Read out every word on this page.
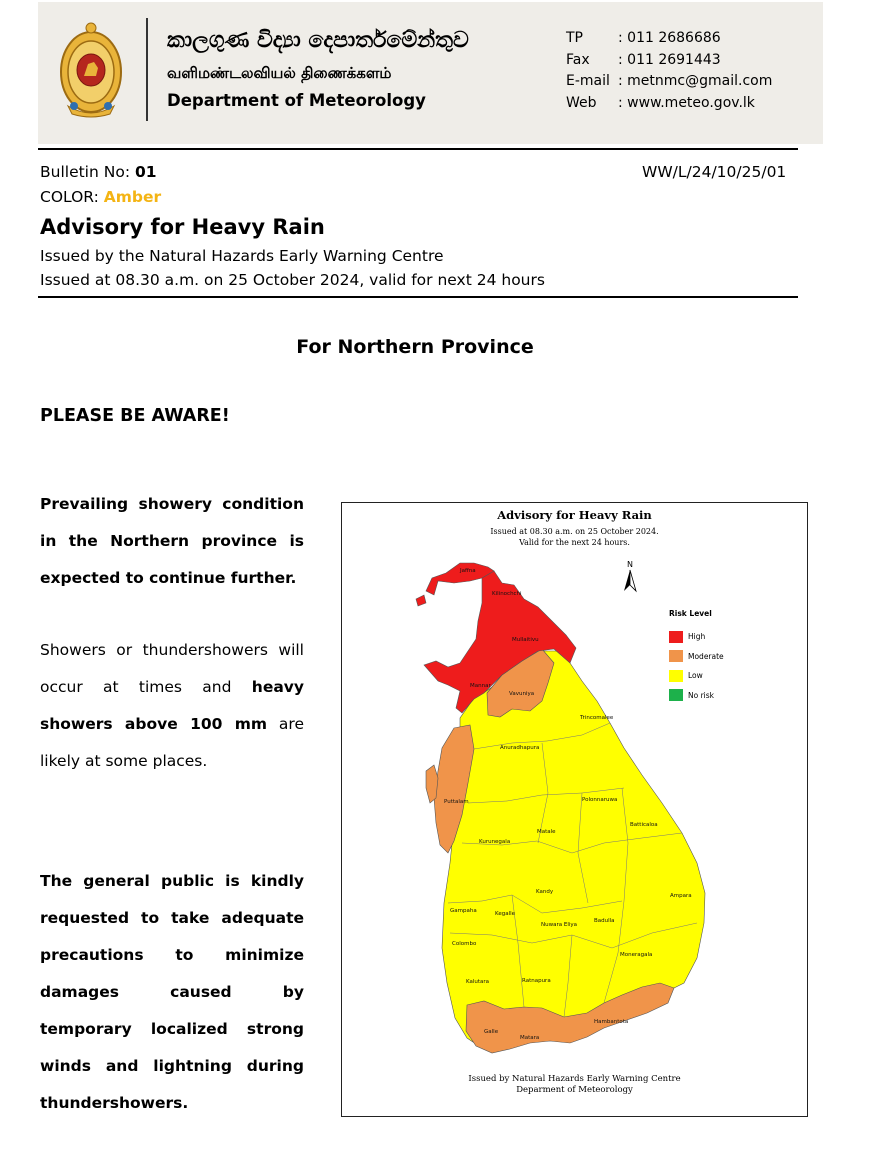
කාලගුණ විද්‍යා දෙපාර්තමේන්තුව
வளிமண்டலவியல் திணைக்களம்
Department of Meteorology
TP	: 011 2686686
Fax	: 011 2691443
E-mail : metnmc@gmail.com
Web	: www.meteo.gov.lk
Bulletin No: 01	WW/L/24/10/25/01
COLOR: Amber
Advisory for Heavy Rain
Issued by the Natural Hazards Early Warning Centre
Issued at 08.30 a.m. on 25 October 2024, valid for next 24 hours
For Northern Province
PLEASE BE AWARE!
Prevailing showery condition in the Northern province is expected to continue further.
Showers or thundershowers will occur at times and heavy showers above 100 mm are likely at some places.
The general public is kindly requested to take adequate precautions to minimize damages caused by temporary localized strong winds and lightning during thundershowers.
Advisory for Heavy Rain
Issued at 08.30 a.m. on 25 October 2024.
Valid for the next 24 hours.
N
Risk Level
High
Moderate
Low
No risk
Jaffna
Kilinochchi
Mullaitivu
Mannar
Vavuniya
Trincomalee
Anuradhapura
Polonnaruwa
Puttalam
Batticaloa
Matale
Kurunegala
Kandy
Ampara
Gampaha	Kegalle
Nuwara Eliya
Badulla
Colombo
Moneragala
Kalutara	Ratnapura
Hambantota
Galle
Matara
Issued by Natural Hazards Early Warning Centre
Deparment of Meteorology
